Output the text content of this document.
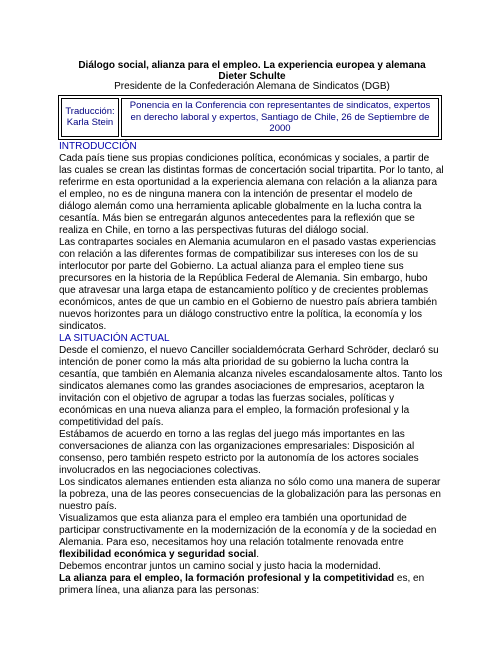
Diálogo social, alianza para el empleo. La experiencia europea y alemana
Dieter Schulte
Presidente de la Confederación Alemana de Sindicatos (DGB)
Traducción: Karla Stein	Ponencia en la Conferencia con representantes de sindicatos, expertos en derecho laboral y expertos, Santiago de Chile, 26 de Septiembre de 2000

INTRODUCCIÓN

Cada país tiene sus propias condiciones política, económicas y sociales, a partir de las cuales se crean las distintas formas de concertación social tripartita. Por lo tanto, al referirme en esta oportunidad a la experiencia alemana con relación a la alianza para el empleo, no es de ninguna manera con la intención de presentar el modelo de diálogo alemán como una herramienta aplicable globalmente en la lucha contra la cesantía. Más bien se entregarán algunos antecedentes para la reflexión que se realiza en Chile, en torno a las perspectivas futuras del diálogo social.

Las contrapartes sociales en Alemania acumularon en el pasado vastas experiencias con relación a las diferentes formas de compatibilizar sus intereses con los de su interlocutor por parte del Gobierno. La actual alianza para el empleo tiene sus precursores en la historia de la República Federal de Alemania. Sin embargo, hubo que atravesar una larga etapa de estancamiento político y de crecientes problemas económicos, antes de que un cambio en el Gobierno de nuestro país abriera también nuevos horizontes para un diálogo constructivo entre la política, la economía y los sindicatos.

LA SITUACIÓN ACTUAL

Desde el comienzo, el nuevo Canciller socialdemócrata Gerhard Schröder, declaró su intención de poner como la más alta prioridad de su gobierno la lucha contra la cesantía, que también en Alemania alcanza niveles escandalosamente altos. Tanto los sindicatos alemanes como las grandes asociaciones de empresarios, aceptaron la invitación con el objetivo de agrupar a todas las fuerzas sociales, políticas y económicas en una nueva alianza para el empleo, la formación profesional y la competitividad del país.

Estábamos de acuerdo en torno a las reglas del juego más importantes en las conversaciones de alianza con las organizaciones empresariales: Disposición al consenso, pero también respeto estricto por la autonomía de los actores sociales involucrados en las negociaciones colectivas.

Los sindicatos alemanes entienden esta alianza no sólo como una manera de superar la pobreza, una de las peores consecuencias de la globalización para las personas en nuestro país.

Visualizamos que esta alianza para el empleo era también una oportunidad de participar constructivamente en la modernización de la economía y de la sociedad en Alemania. Para eso, necesitamos hoy una relación totalmente renovada entre flexibilidad económica y seguridad social.

Debemos encontrar juntos un camino social y justo hacia la modernidad.

La alianza para el empleo, la formación profesional y la competitividad es, en primera línea, una alianza para las personas:
